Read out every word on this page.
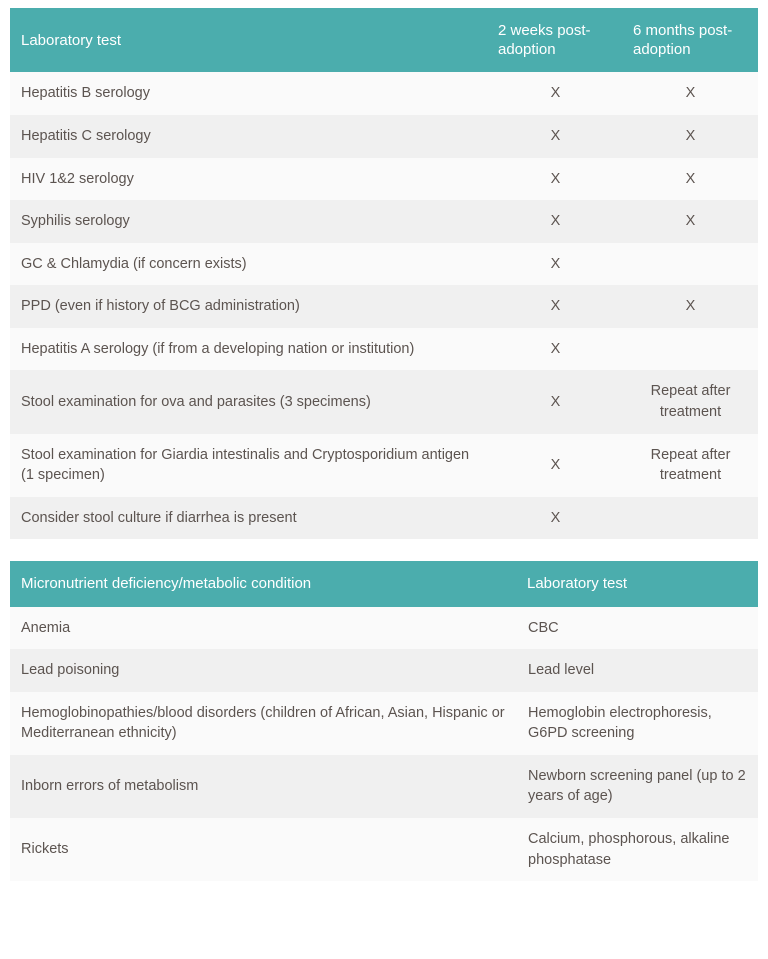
Laboratory test	2 weeks post-adoption	6 months post-adoption
Hepatitis B serology	X	X
Hepatitis C serology	X	X
HIV 1&2 serology	X	X
Syphilis serology	X	X
GC & Chlamydia (if concern exists)	X	
PPD (even if history of BCG administration)	X	X
Hepatitis A serology (if from a developing nation or institution)	X	
Stool examination for ova and parasites (3 specimens)	X	Repeat after treatment
Stool examination for Giardia intestinalis and Cryptosporidium antigen (1 specimen)	X	Repeat after treatment
Consider stool culture if diarrhea is present	X	
Micronutrient deficiency/metabolic condition	Laboratory test
Anemia	CBC
Lead poisoning	Lead level
Hemoglobinopathies/blood disorders (children of African, Asian, Hispanic or Mediterranean ethnicity)	Hemoglobin electrophoresis, G6PD screening
Inborn errors of metabolism	Newborn screening panel (up to 2 years of age)
Rickets	Calcium, phosphorous, alkaline phosphatase
